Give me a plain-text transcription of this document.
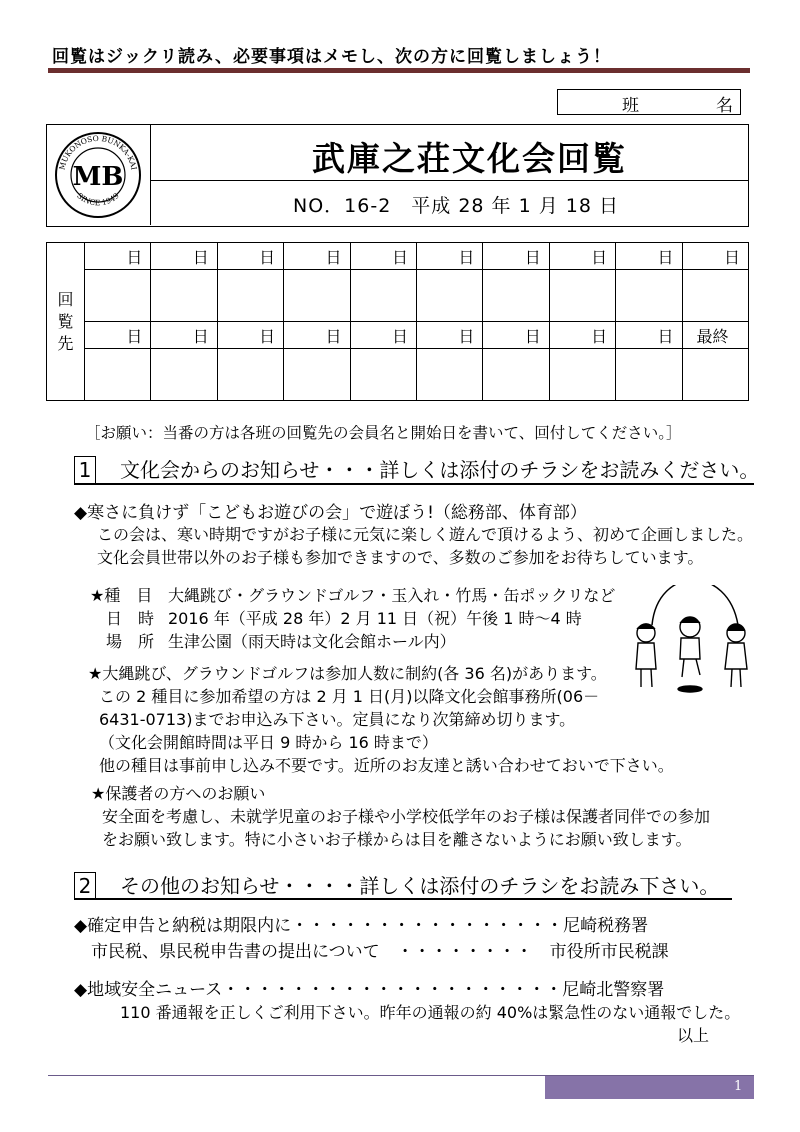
回覧はジックリ読み、必要事項はメモし、次の方に回覧しましょう！
班	名
MB
MUKONOSO BUNKA-KAI
SINCE 1949
武庫之荘文化会回覧
NO．16-2　平成 28 年 1 月 18 日
回
覧
先	日	日	日	日	日	日	日	日	日	日

	日	日	日	日	日	日	日	日	日	最終

［お願い：当番の方は各班の回覧先の会員名と開始日を書いて、回付してください。］
1 文化会からのお知らせ・・・詳しくは添付のチラシをお読みください。
◆寒さに負けず「こどもお遊びの会」で遊ぼう!（総務部、体育部）
この会は、寒い時期ですがお子様に元気に楽しく遊んで頂けるよう、初めて企画しました。
文化会員世帯以外のお子様も参加できますので、多数のご参加をお待ちしています。
★種　目 大縄跳び・グラウンドゴルフ・玉入れ・竹馬・缶ポックリなど
　日　時 2016 年（平成 28 年）2 月 11 日（祝）午後 1 時～4 時
　場　所 生津公園（雨天時は文化会館ホール内）
★大縄跳び、グラウンドゴルフは参加人数に制約(各 36 名)があります。
この 2 種目に参加希望の方は 2 月 1 日(月)以降文化会館事務所(06－
6431-0713)までお申込み下さい。定員になり次第締め切ります。
（文化会開館時間は平日 9 時から 16 時まで）
他の種目は事前申し込み不要です。近所のお友達と誘い合わせておいで下さい。
★保護者の方へのお願い
安全面を考慮し、未就学児童のお子様や小学校低学年のお子様は保護者同伴での参加
をお願い致します。特に小さいお子様からは目を離さないようにお願い致します。
2 その他のお知らせ・・・・詳しくは添付のチラシをお読み下さい。
◆確定申告と納税は期限内に・・・・・・・・・・・・・・・・尼崎税務署
市民税、県民税申告書の提出について　・・・・・・・・　市役所市民税課
◆地域安全ニュース・・・・・・・・・・・・・・・・・・・・尼崎北警察署
110 番通報を正しくご利用下さい。昨年の通報の約 40%は緊急性のない通報でした。
以上
1
